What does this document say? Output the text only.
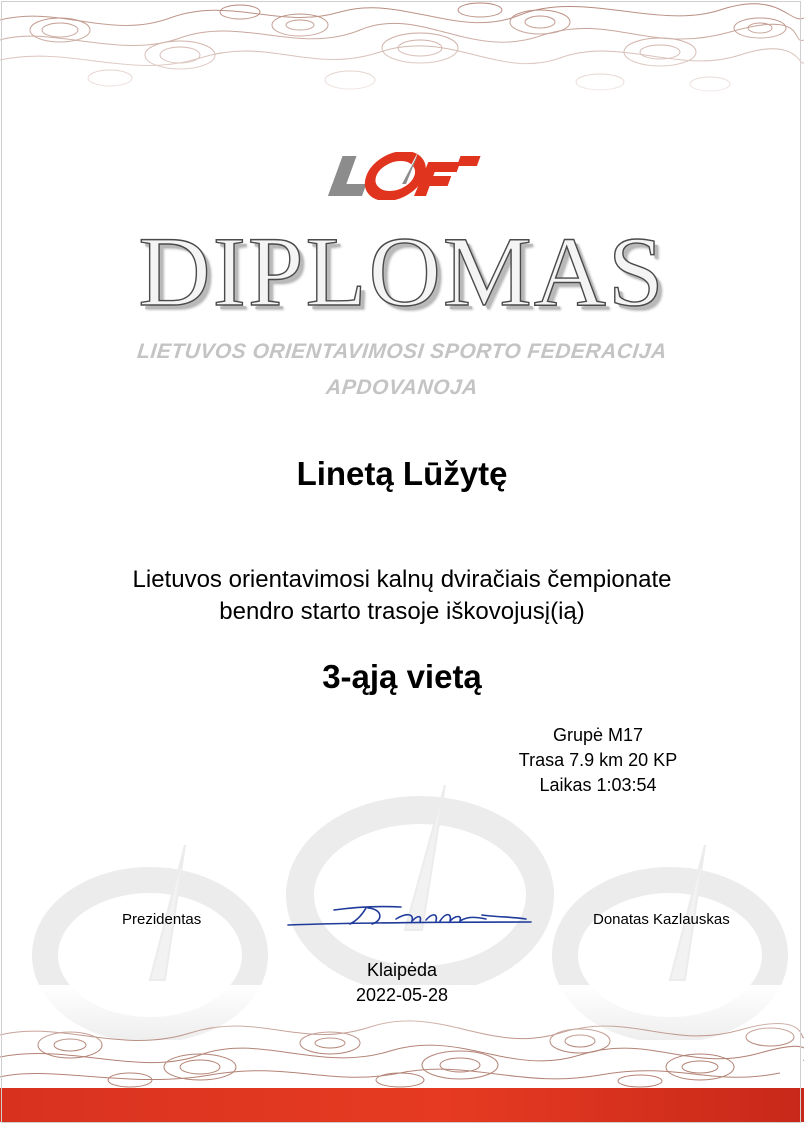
DIPLOMAS
LIETUVOS ORIENTAVIMOSI SPORTO FEDERACIJA
APDOVANOJA
Linetą Lūžytę
Lietuvos orientavimosi kalnų dviračiais čempionate
bendro starto trasoje iškovojusį(ią)
3-ąją vietą
Grupė M17
Trasa 7.9 km 20 KP
Laikas 1:03:54
Prezidentas	Donatas Kazlauskas
Klaipėda
2022-05-28
